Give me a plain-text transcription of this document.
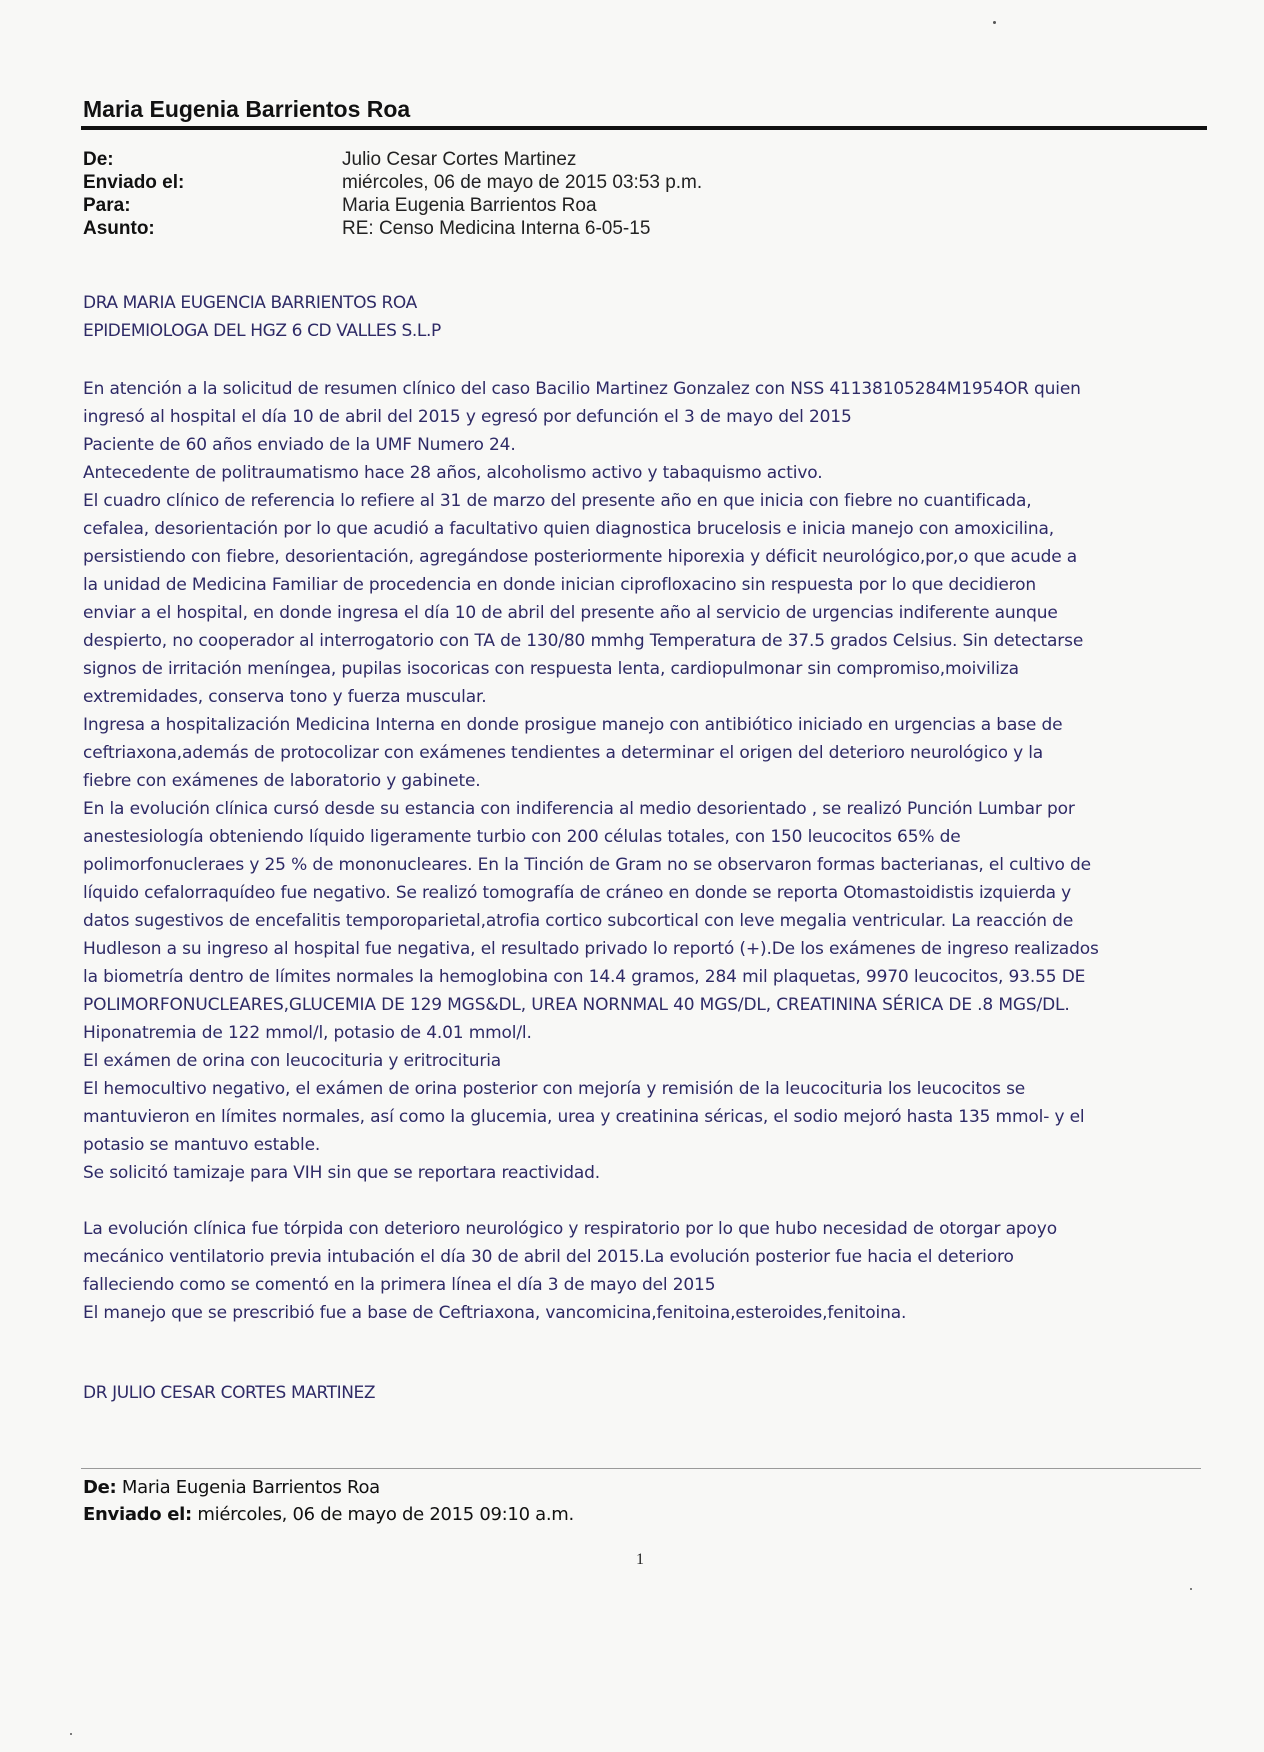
Maria Eugenia Barrientos Roa
De:	Julio Cesar Cortes Martinez
Enviado el:	miércoles, 06 de mayo de 2015 03:53 p.m.
Para:	Maria Eugenia Barrientos Roa
Asunto:	RE: Censo Medicina Interna 6-05-15
DRA MARIA EUGENCIA BARRIENTOS ROA
EPIDEMIOLOGA DEL HGZ 6 CD VALLES S.L.P
En atención a la solicitud de resumen clínico del caso Bacilio Martinez Gonzalez con NSS 41138105284M1954OR quien
ingresó al hospital el día 10 de abril del 2015 y egresó por defunción el 3 de mayo del 2015
Paciente de 60 años enviado de la UMF Numero 24.
Antecedente de politraumatismo hace 28 años, alcoholismo activo y tabaquismo activo.
El cuadro clínico de referencia lo refiere al 31 de marzo del presente año en que inicia con fiebre no cuantificada,
cefalea, desorientación por lo que acudió a facultativo quien diagnostica brucelosis e inicia manejo con amoxicilina,
persistiendo con fiebre, desorientación, agregándose posteriormente hiporexia y déficit neurológico,por,o que acude a
la unidad de Medicina Familiar de procedencia en donde inician ciprofloxacino sin respuesta por lo que decidieron
enviar a el hospital, en donde ingresa el día 10 de abril del presente año al servicio de urgencias indiferente aunque
despierto, no cooperador al interrogatorio con TA de 130/80 mmhg Temperatura de 37.5 grados Celsius. Sin detectarse
signos de irritación meníngea, pupilas isocoricas con respuesta lenta, cardiopulmonar sin compromiso,moiviliza
extremidades, conserva tono y fuerza muscular.
Ingresa a hospitalización Medicina Interna en donde prosigue manejo con antibiótico iniciado en urgencias a base de
ceftriaxona,además de protocolizar con exámenes tendientes a determinar el origen del deterioro neurológico y la
fiebre con exámenes de laboratorio y gabinete.
En la evolución clínica cursó desde su estancia con indiferencia al medio desorientado , se realizó Punción Lumbar por
anestesiología obteniendo líquido ligeramente turbio con 200 células totales, con 150 leucocitos 65% de
polimorfonucleraes y 25 % de mononucleares. En la Tinción de Gram no se observaron formas bacterianas, el cultivo de
líquido cefalorraquídeo fue negativo. Se realizó tomografía de cráneo en donde se reporta Otomastoidistis izquierda y
datos sugestivos de encefalitis temporoparietal,atrofia cortico subcortical con leve megalia ventricular. La reacción de
Hudleson a su ingreso al hospital fue negativa, el resultado privado lo reportó (+).De los exámenes de ingreso realizados
la biometría dentro de límites normales la hemoglobina con 14.4 gramos, 284 mil plaquetas, 9970 leucocitos, 93.55 DE
POLIMORFONUCLEARES,GLUCEMIA DE 129 MGS&DL, UREA NORNMAL 40 MGS/DL, CREATININA SÉRICA DE .8 MGS/DL.
Hiponatremia de 122 mmol/l, potasio de 4.01 mmol/l.
El exámen de orina con leucocituria y eritrocituria
El hemocultivo negativo, el exámen de orina posterior con mejoría y remisión de la leucocituria los leucocitos se
mantuvieron en límites normales, así como la glucemia, urea y creatinina séricas, el sodio mejoró hasta 135 mmol- y el
potasio se mantuvo estable.
Se solicitó tamizaje para VIH sin que se reportara reactividad.
La evolución clínica fue tórpida con deterioro neurológico y respiratorio por lo que hubo necesidad de otorgar apoyo
mecánico ventilatorio previa intubación el día 30 de abril del 2015.La evolución posterior fue hacia el deterioro
falleciendo como se comentó en la primera línea el día 3 de mayo del 2015
El manejo que se prescribió fue a base de Ceftriaxona, vancomicina,fenitoina,esteroides,fenitoina.
DR JULIO CESAR CORTES MARTINEZ
De: Maria Eugenia Barrientos Roa
Enviado el: miércoles, 06 de mayo de 2015 09:10 a.m.
1
